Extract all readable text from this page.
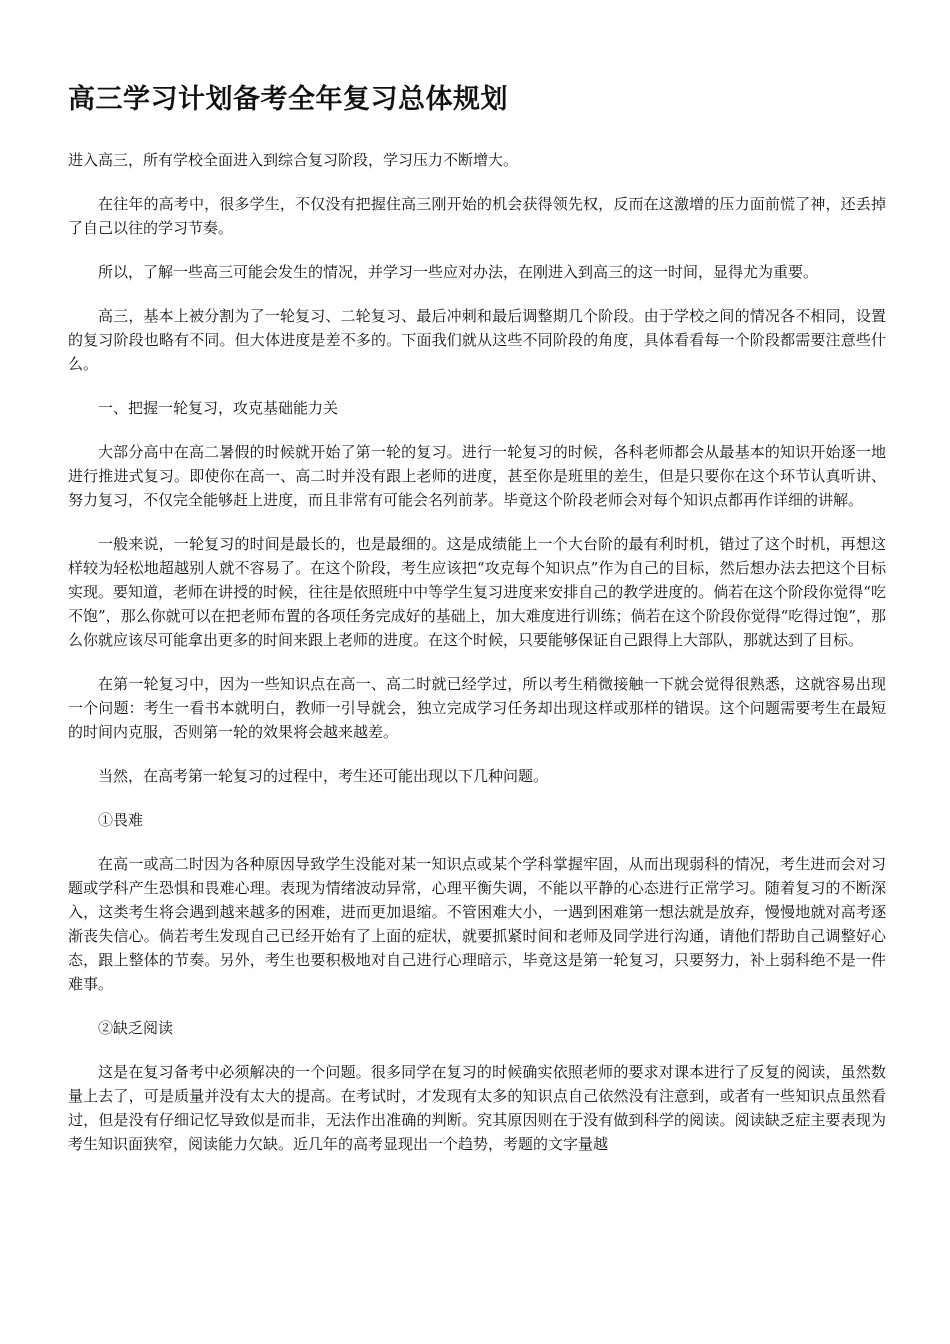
高三学习计划备考全年复习总体规划

进入高三，所有学校全面进入到综合复习阶段，学习压力不断增大。

在往年的高考中，很多学生，不仅没有把握住高三刚开始的机会获得领先权，反而在这激增的压力面前慌了神，还丢掉了自己以往的学习节奏。

所以，了解一些高三可能会发生的情况，并学习一些应对办法，在刚进入到高三的这一时间，显得尤为重要。

高三，基本上被分割为了一轮复习、二轮复习、最后冲刺和最后调整期几个阶段。由于学校之间的情况各不相同，设置的复习阶段也略有不同。但大体进度是差不多的。下面我们就从这些不同阶段的角度，具体看看每一个阶段都需要注意些什么。

一、把握一轮复习，攻克基础能力关

大部分高中在高二暑假的时候就开始了第一轮的复习。进行一轮复习的时候，各科老师都会从最基本的知识开始逐一地进行推进式复习。即使你在高一、高二时并没有跟上老师的进度，甚至你是班里的差生，但是只要你在这个环节认真听讲、努力复习，不仅完全能够赶上进度，而且非常有可能会名列前茅。毕竟这个阶段老师会对每个知识点都再作详细的讲解。

一般来说，一轮复习的时间是最长的，也是最细的。这是成绩能上一个大台阶的最有利时机，错过了这个时机，再想这样较为轻松地超越别人就不容易了。在这个阶段，考生应该把“攻克每个知识点”作为自己的目标，然后想办法去把这个目标实现。要知道，老师在讲授的时候，往往是依照班中中等学生复习进度来安排自己的教学进度的。倘若在这个阶段你觉得“吃不饱”，那么你就可以在把老师布置的各项任务完成好的基础上，加大难度进行训练；倘若在这个阶段你觉得“吃得过饱”，那么你就应该尽可能拿出更多的时间来跟上老师的进度。在这个时候，只要能够保证自己跟得上大部队，那就达到了目标。

在第一轮复习中，因为一些知识点在高一、高二时就已经学过，所以考生稍微接触一下就会觉得很熟悉，这就容易出现一个问题：考生一看书本就明白，教师一引导就会，独立完成学习任务却出现这样或那样的错误。这个问题需要考生在最短的时间内克服，否则第一轮的效果将会越来越差。

当然，在高考第一轮复习的过程中，考生还可能出现以下几种问题。

①畏难

在高一或高二时因为各种原因导致学生没能对某一知识点或某个学科掌握牢固，从而出现弱科的情况，考生进而会对习题或学科产生恐惧和畏难心理。表现为情绪波动异常，心理平衡失调，不能以平静的心态进行正常学习。随着复习的不断深入，这类考生将会遇到越来越多的困难，进而更加退缩。不管困难大小，一遇到困难第一想法就是放弃，慢慢地就对高考逐渐丧失信心。倘若考生发现自己已经开始有了上面的症状，就要抓紧时间和老师及同学进行沟通，请他们帮助自己调整好心态，跟上整体的节奏。另外，考生也要积极地对自己进行心理暗示，毕竟这是第一轮复习，只要努力，补上弱科绝不是一件难事。

②缺乏阅读

这是在复习备考中必须解决的一个问题。很多同学在复习的时候确实依照老师的要求对课本进行了反复的阅读，虽然数量上去了，可是质量并没有太大的提高。在考试时，才发现有太多的知识点自己依然没有注意到，或者有一些知识点虽然看过，但是没有仔细记忆导致似是而非，无法作出准确的判断。究其原因则在于没有做到科学的阅读。阅读缺乏症主要表现为考生知识面狭窄，阅读能力欠缺。近几年的高考显现出一个趋势，考题的文字量越
